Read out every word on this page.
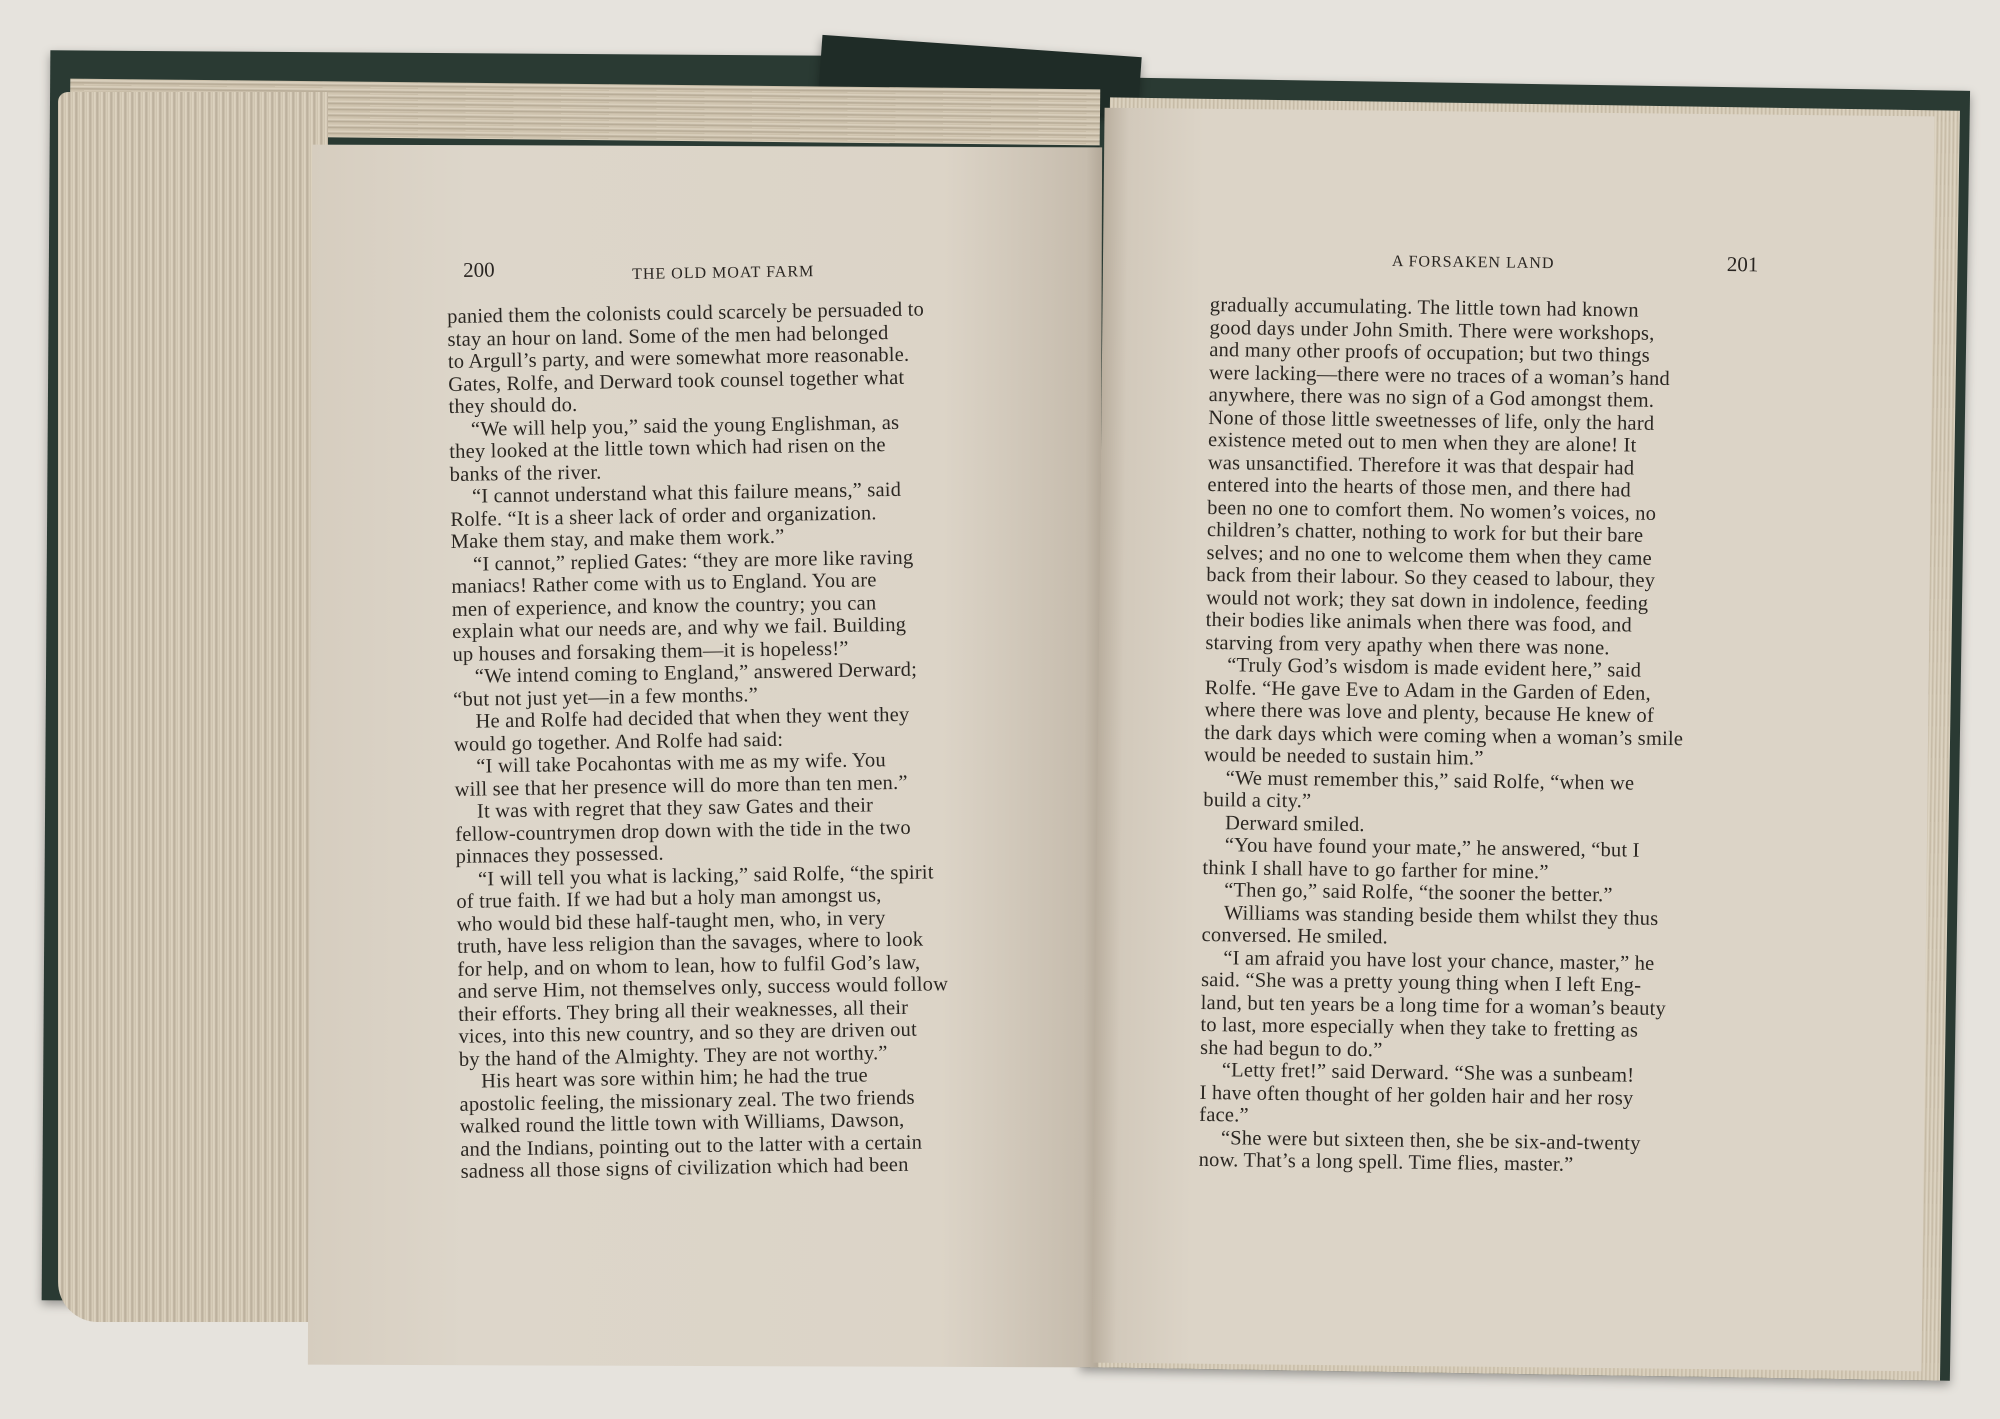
200	THE OLD MOAT FARM
A FORSAKEN LAND	201
panied them the colonists could scarcely be persuaded to
stay an hour on land. Some of the men had belonged
to Argull’s party, and were somewhat more reasonable.
Gates, Rolfe, and Derward took counsel together what
they should do.
“We will help you,” said the young Englishman, as
they looked at the little town which had risen on the
banks of the river.
“I cannot understand what this failure means,” said
Rolfe. “It is a sheer lack of order and organization.
Make them stay, and make them work.”
“I cannot,” replied Gates: “they are more like raving
maniacs! Rather come with us to England. You are
men of experience, and know the country; you can
explain what our needs are, and why we fail. Building
up houses and forsaking them—it is hopeless!”
“We intend coming to England,” answered Derward;
“but not just yet—in a few months.”
He and Rolfe had decided that when they went they
would go together. And Rolfe had said:
“I will take Pocahontas with me as my wife. You
will see that her presence will do more than ten men.”
It was with regret that they saw Gates and their
fellow-countrymen drop down with the tide in the two
pinnaces they possessed.
“I will tell you what is lacking,” said Rolfe, “the spirit
of true faith. If we had but a holy man amongst us,
who would bid these half-taught men, who, in very
truth, have less religion than the savages, where to look
for help, and on whom to lean, how to fulfil God’s law,
and serve Him, not themselves only, success would follow
their efforts. They bring all their weaknesses, all their
vices, into this new country, and so they are driven out
by the hand of the Almighty. They are not worthy.”
His heart was sore within him; he had the true
apostolic feeling, the missionary zeal. The two friends
walked round the little town with Williams, Dawson,
and the Indians, pointing out to the latter with a certain
sadness all those signs of civilization which had been
gradually accumulating. The little town had known
good days under John Smith. There were workshops,
and many other proofs of occupation; but two things
were lacking—there were no traces of a woman’s hand
anywhere, there was no sign of a God amongst them.
None of those little sweetnesses of life, only the hard
existence meted out to men when they are alone! It
was unsanctified. Therefore it was that despair had
entered into the hearts of those men, and there had
been no one to comfort them. No women’s voices, no
children’s chatter, nothing to work for but their bare
selves; and no one to welcome them when they came
back from their labour. So they ceased to labour, they
would not work; they sat down in indolence, feeding
their bodies like animals when there was food, and
starving from very apathy when there was none.
“Truly God’s wisdom is made evident here,” said
Rolfe. “He gave Eve to Adam in the Garden of Eden,
where there was love and plenty, because He knew of
the dark days which were coming when a woman’s smile
would be needed to sustain him.”
“We must remember this,” said Rolfe, “when we
build a city.”
Derward smiled.
“You have found your mate,” he answered, “but I
think I shall have to go farther for mine.”
“Then go,” said Rolfe, “the sooner the better.”
Williams was standing beside them whilst they thus
conversed. He smiled.
“I am afraid you have lost your chance, master,” he
said. “She was a pretty young thing when I left Eng-
land, but ten years be a long time for a woman’s beauty
to last, more especially when they take to fretting as
she had begun to do.”
“Letty fret!” said Derward. “She was a sunbeam!
I have often thought of her golden hair and her rosy
face.”
“She were but sixteen then, she be six-and-twenty
now. That’s a long spell. Time flies, master.”
